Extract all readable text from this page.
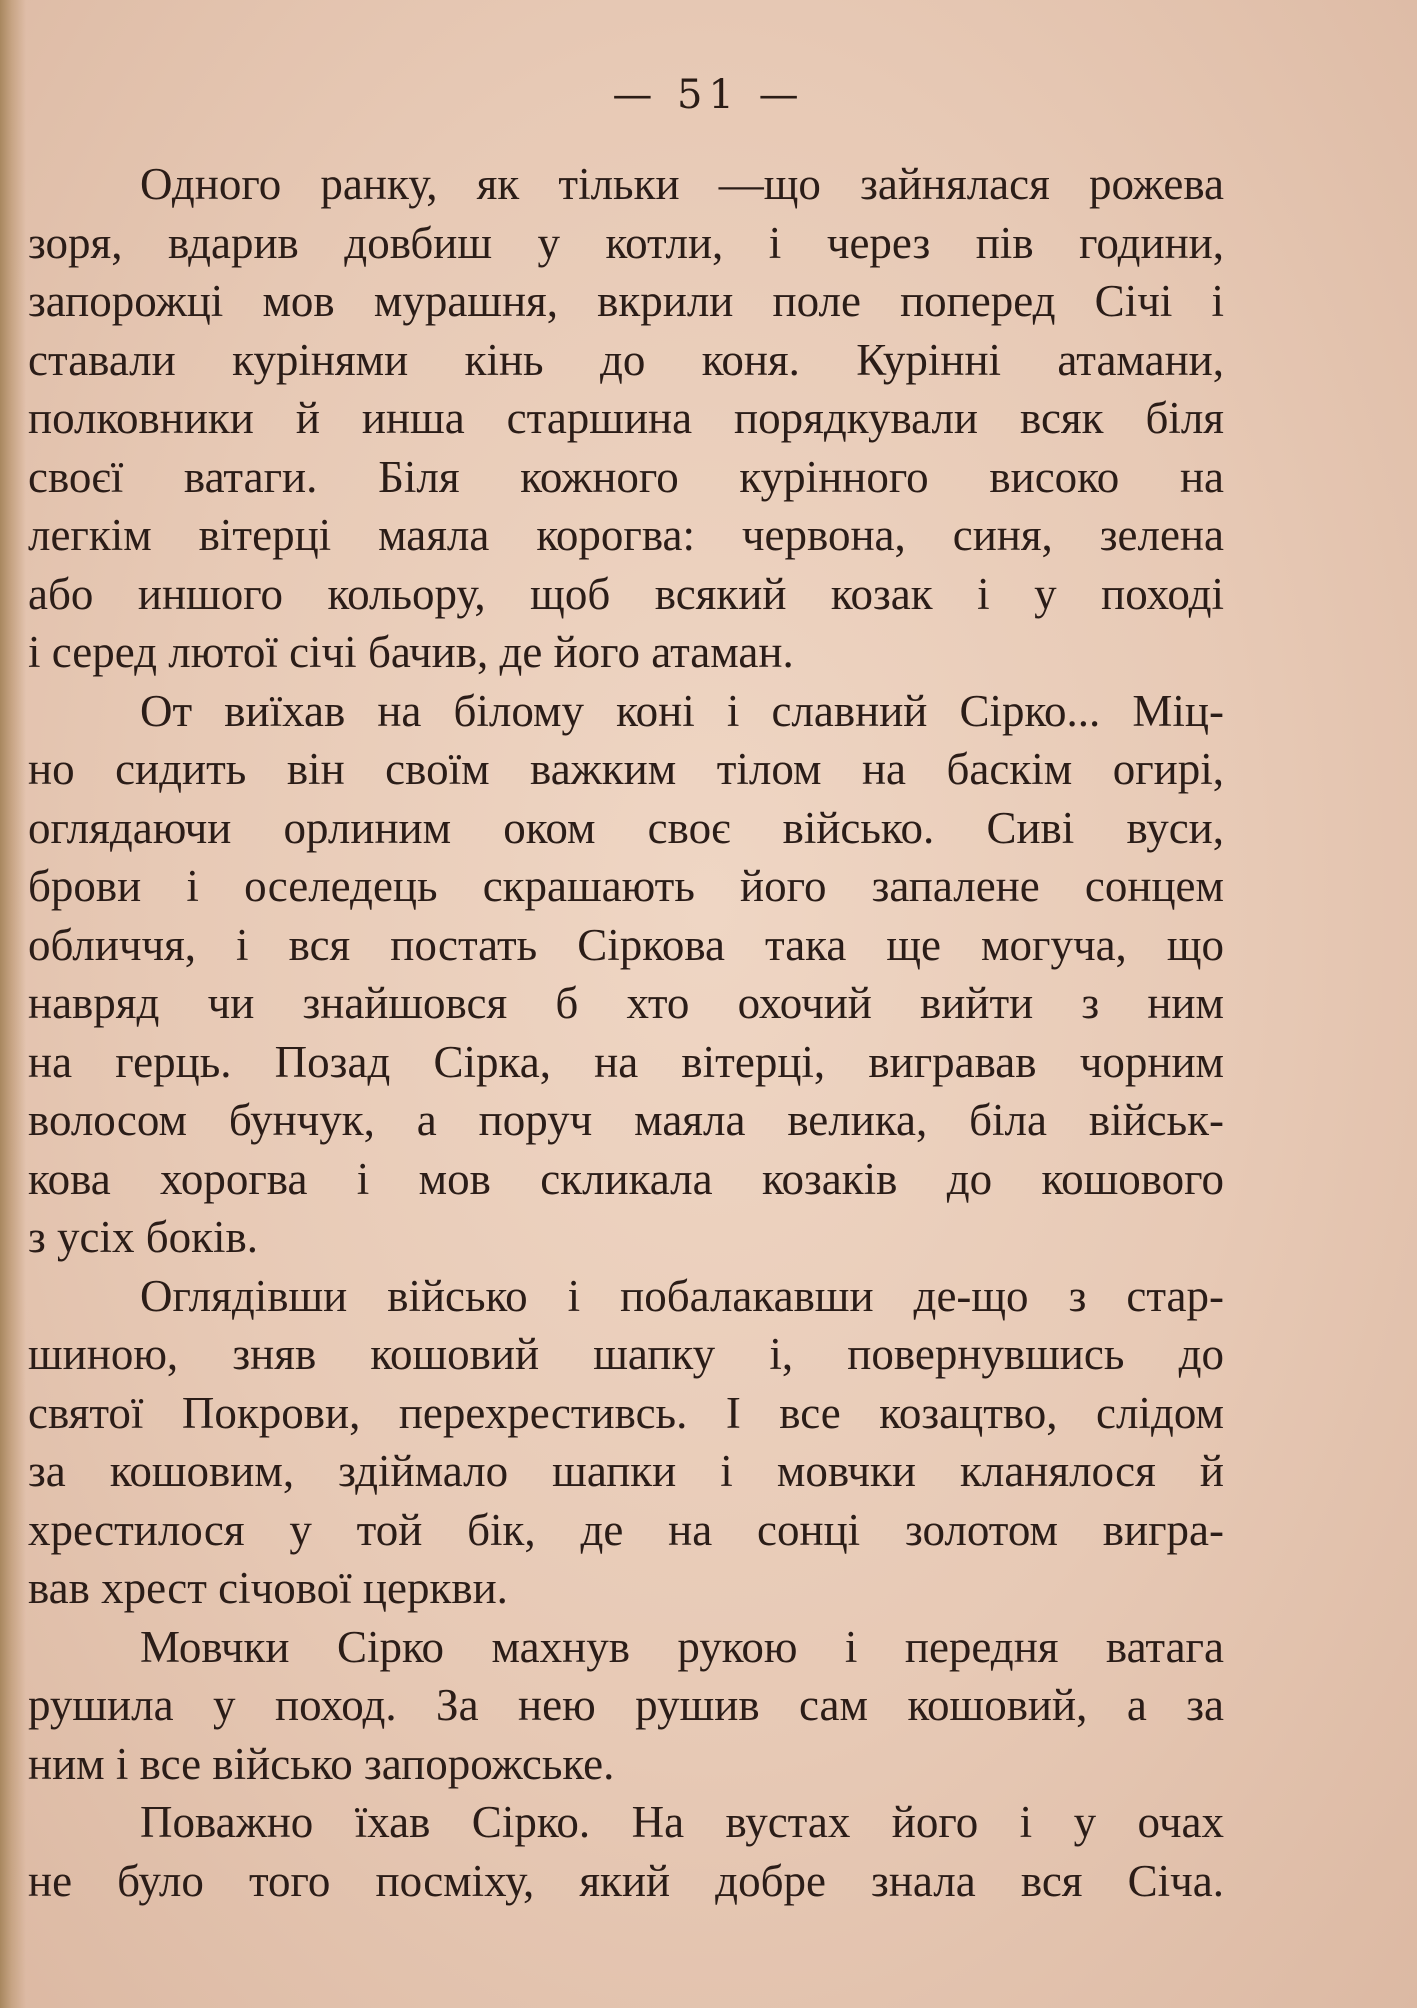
— 51 —
Одного ранку, як тільки —що зайнялася рожева
зоря, вдарив довбиш у котли, і через пів години,
запорожці мов мурашня, вкрили поле поперед Січі і
ставали курінями кінь до коня. Курінні атамани,
полковники й инша старшина порядкували всяк біля
своєї ватаги. Біля кожного курінного високо на
легкім вітерці маяла корогва: червона, синя, зелена
або иншого кольору, щоб всякий козак і у поході
і серед лютої січі бачив, де його атаман.
От виїхав на білому коні і славний Сірко... Міц-
но сидить він своїм важким тілом на баскім огирі,
оглядаючи орлиним оком своє військо. Сиві вуси,
брови і оселедець скрашають його запалене сонцем
обличчя, і вся постать Сіркова така ще могуча, що
навряд чи знайшовся б хто охочий вийти з ним
на герць. Позад Сірка, на вітерці, вигравав чорним
волосом бунчук, а поруч маяла велика, біла військ-
кова хорогва і мов скликала козаків до кошового
з усіх боків.
Оглядівши військо і побалакавши де-що з стар-
шиною, зняв кошовий шапку і, повернувшись до
святої Покрови, перехрестивсь. І все козацтво, слідом
за кошовим, здіймало шапки і мовчки кланялося й
хрестилося у той бік, де на сонці золотом вигра-
вав хрест січової церкви.
Мовчки Сірко махнув рукою і передня ватага
рушила у поход. За нею рушив сам кошовий, а за
ним і все військо запорожське.
Поважно їхав Сірко. На вустах його і у очах
не було того посміху, який добре знала вся Січа.
